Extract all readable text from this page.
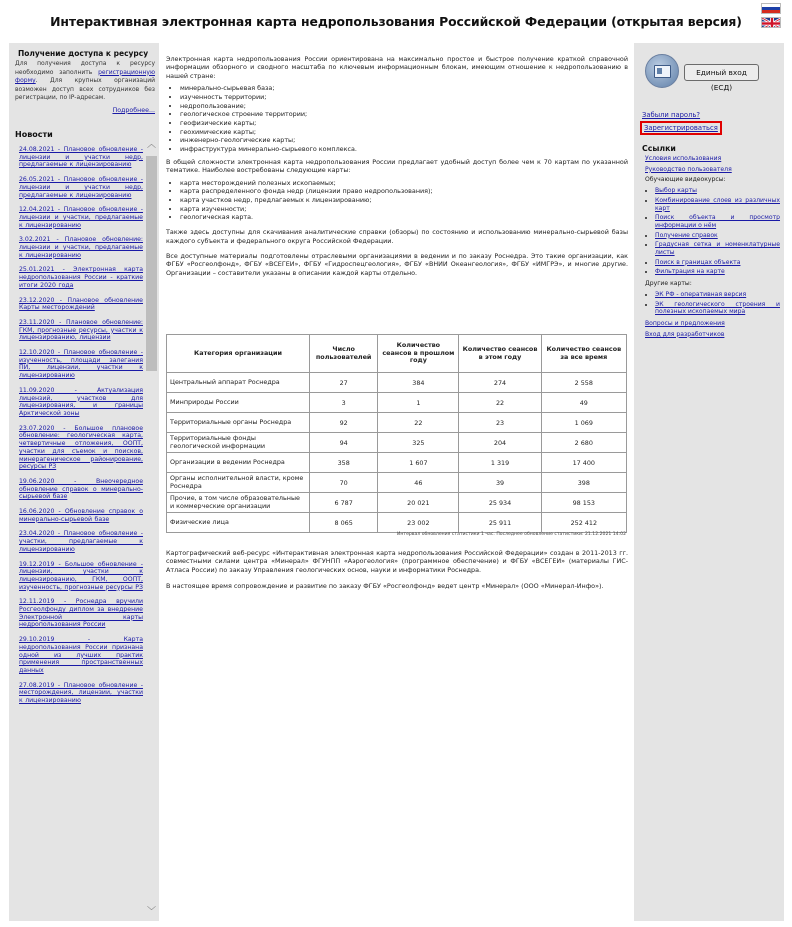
Интерактивная электронная карта недропользования Российской Федерации (открытая версия)
Получение доступа к ресурсу
Для получения доступа к ресурсу необходимо заполнить регистрационную форму. Для крупных организаций возможен доступ всех сотрудников без регистрации, по IP-адресам.
Подробнее...
Новости
24.08.2021 - Плановое обновление - лицензии и участки недр, предлагаемые к лицензированию
26.05.2021 - Плановое обновление - лицензии и участки недр, предлагаемые к лицензированию
12.04.2021 - Плановое обновление - лицензии и участки, предлагаемые к лицензированию
3.02.2021 - Плановое обновление: лицензии и участки, предлагаемые к лицензированию
25.01.2021 - Электронная карта недропользования России - краткие итоги 2020 года
23.12.2020 - Плановое обновление Карты месторождений
23.11.2020 - Плановое обновление: ГКМ, прогнозные ресурсы, участки к лицензированию, лицензии
12.10.2020 - Плановое обновление - изученность, площади залегания ПИ, лицензии, участки к лицензированию
11.09.2020 - Актуализация лицензий, участков для лицензирования, и границы Арктической зоны
23.07.2020 - Большое плановое обновление: геологическая карта, четвертичные отложения, ООПТ, участки для съемок и поисков, минерагеническое районирование, ресурсы РЗ
19.06.2020 - Внеочередное обновление справок о минерально-сырьевой базе
16.06.2020 - Обновление справок о минерально-сырьевой базе
23.04.2020 - Плановое обновление - участки, предлагаемые к лицензированию
19.12.2019 - Большое обновление - лицензии, участки к лицензированию, ГКМ, ООПТ, изученность, прогнозные ресурсы РЗ
12.11.2019 - Роснедра вручили Росгеолфонду диплом за внедрение Электронной карты недропользования России
29.10.2019 - Карта недропользования России признана одной из лучших практик применения пространственных данных
27.08.2019 - Плановое обновление - месторождения, лицензии, участки к лицензированию
︿
﹀

Электронная карта недропользования России ориентирована на максимально простое и быстрое получение краткой справочной информации обзорного и сводного масштаба по ключевым информационным блокам, имеющим отношение к недропользованию в нашей стране:

• минерально-сырьевая база;
• изученность территории;
• недропользование;
• геологическое строение территории;
• геофизические карты;
• геохимические карты;
• инженерно-геологические карты;
• инфраструктура минерально-сырьевого комплекса.

В общей сложности электронная карта недропользования России предлагает удобный доступ более чем к 70 картам по указанной тематике. Наиболее востребованы следующие карты:

• карта месторождений полезных ископаемых;
• карта распределенного фонда недр (лицензии право недропользования);
• карта участков недр, предлагаемых к лицензированию;
• карта изученности;
• геологическая карта.

Также здесь доступны для скачивания аналитические справки (обзоры) по состоянию и использованию минерально-сырьевой базы каждого субъекта и федерального округа Российской Федерации.

Все доступные материалы подготовлены отраслевыми организациями в ведении и по заказу Роснедра. Это такие организации, как ФГБУ «Росгеолфонд», ФГБУ «ВСЕГЕИ», ФГБУ «Гидроспецгеология», ФГБУ «ВНИИ Океангеология», ФГБУ «ИМГРЭ», и многие другие. Организации – составители указаны в описании каждой карты отдельно.

Категория организации	Число пользователей	Количество сеансов в прошлом году	Количество сеансов в этом году	Количество сеансов за все время
Центральный аппарат Роснедра	27	384	274	2 558
Минприроды России	3	1	22	49
Территориальные органы Роснедра	92	22	23	1 069
Территориальные фонды геологической информации	94	325	204	2 680
Организации в ведении Роснедра	358	1 607	1 319	17 400
Органы исполнительной власти, кроме Роснедра	70	46	39	398
Прочие, в том числе образовательные и коммерческие организации	6 787	20 021	25 934	98 153
Физические лица	8 065	23 002	25 911	252 412
Интервал обновления статистики 1 час. Последнее обновление статистики: 21.12.2021 14:02

Картографический веб-ресурс «Интерактивная электронная карта недропользования Российской Федерации» создан в 2011-2013 гг. совместными силами центра «Минерал» ФГУНПП «Аэрогеология» (программное обеспечение) и ФГБУ «ВСЕГЕИ» (материалы ГИС-Атласа России) по заказу Управления геологических основ, науки и информатики Роснедра.

В настоящее время сопровождение и развитие по заказу ФГБУ «Росгеолфонд» ведет центр «Минерал» (ООО «Минерал-Инфо»).

Единый вход (ЕСД)
Забыли пароль?
Зарегистрироваться
Ссылки
Условия использования
Руководство пользователя
Обучающие видеокурсы:
• Выбор карты
• Комбинирование слоев из различных карт
• Поиск объекта и просмотр информации о нём
• Получение справок
• Градусная сетка и номенклатурные листы
• Поиск в границах объекта
• Фильтрация на карте
Другие карты:
• ЭК РФ - оперативная версия
• ЭК геологического строения и полезных ископаемых мира
Вопросы и предложения
Вход для разработчиков
